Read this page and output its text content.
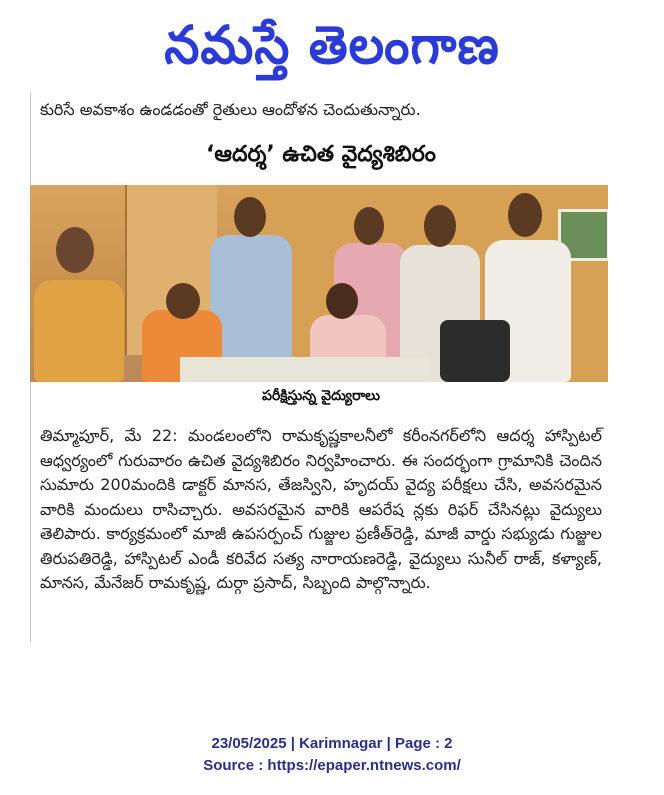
నమస్తే తెలంగాణ
కురిసే అవకాశం ఉండడంతో రైతులు ఆందోళన చెందుతున్నారు.
‘ఆదర్శ’ ఉచిత వైద్యశిబిరం
పరీక్షిస్తున్న వైద్యురాలు

తిమ్మాపూర్, మే 22: మండలంలోని రామకృష్ణకాలనీలో కరీంనగర్‌లోని ఆదర్శ హాస్పిటల్ ఆధ్వర్యంలో గురువారం ఉచిత వైద్యశిబిరం నిర్వహించారు. ఈ సందర్భంగా గ్రామానికి చెందిన సుమారు 200మందికి డాక్టర్ మానస, తేజస్విని, హృదయ్ వైద్య పరీక్షలు చేసి, అవసరమైన వారికి మందులు రాసిచ్చారు. అవసరమైన వారికి ఆపరేష న్లకు రిఫర్ చేసినట్లు వైద్యులు తెలిపారు. కార్యక్రమంలో మాజీ ఉపసర్పంచ్ గుజ్జుల ప్రణీత్‌రెడ్డి, మాజీ వార్డు సభ్యుడు గుజ్జుల తిరుపతిరెడ్డి, హాస్పిటల్ ఎండీ కరివేద సత్య నారాయణరెడ్డి, వైద్యులు సునీల్ రాజ్, కళ్యాణ్, మానస, మేనేజర్ రామకృష్ణ, దుర్గా ప్రసాద్, సిబ్బంది పాల్గొన్నారు.

23/05/2025 | Karimnagar | Page : 2
Source : https://epaper.ntnews.com/
